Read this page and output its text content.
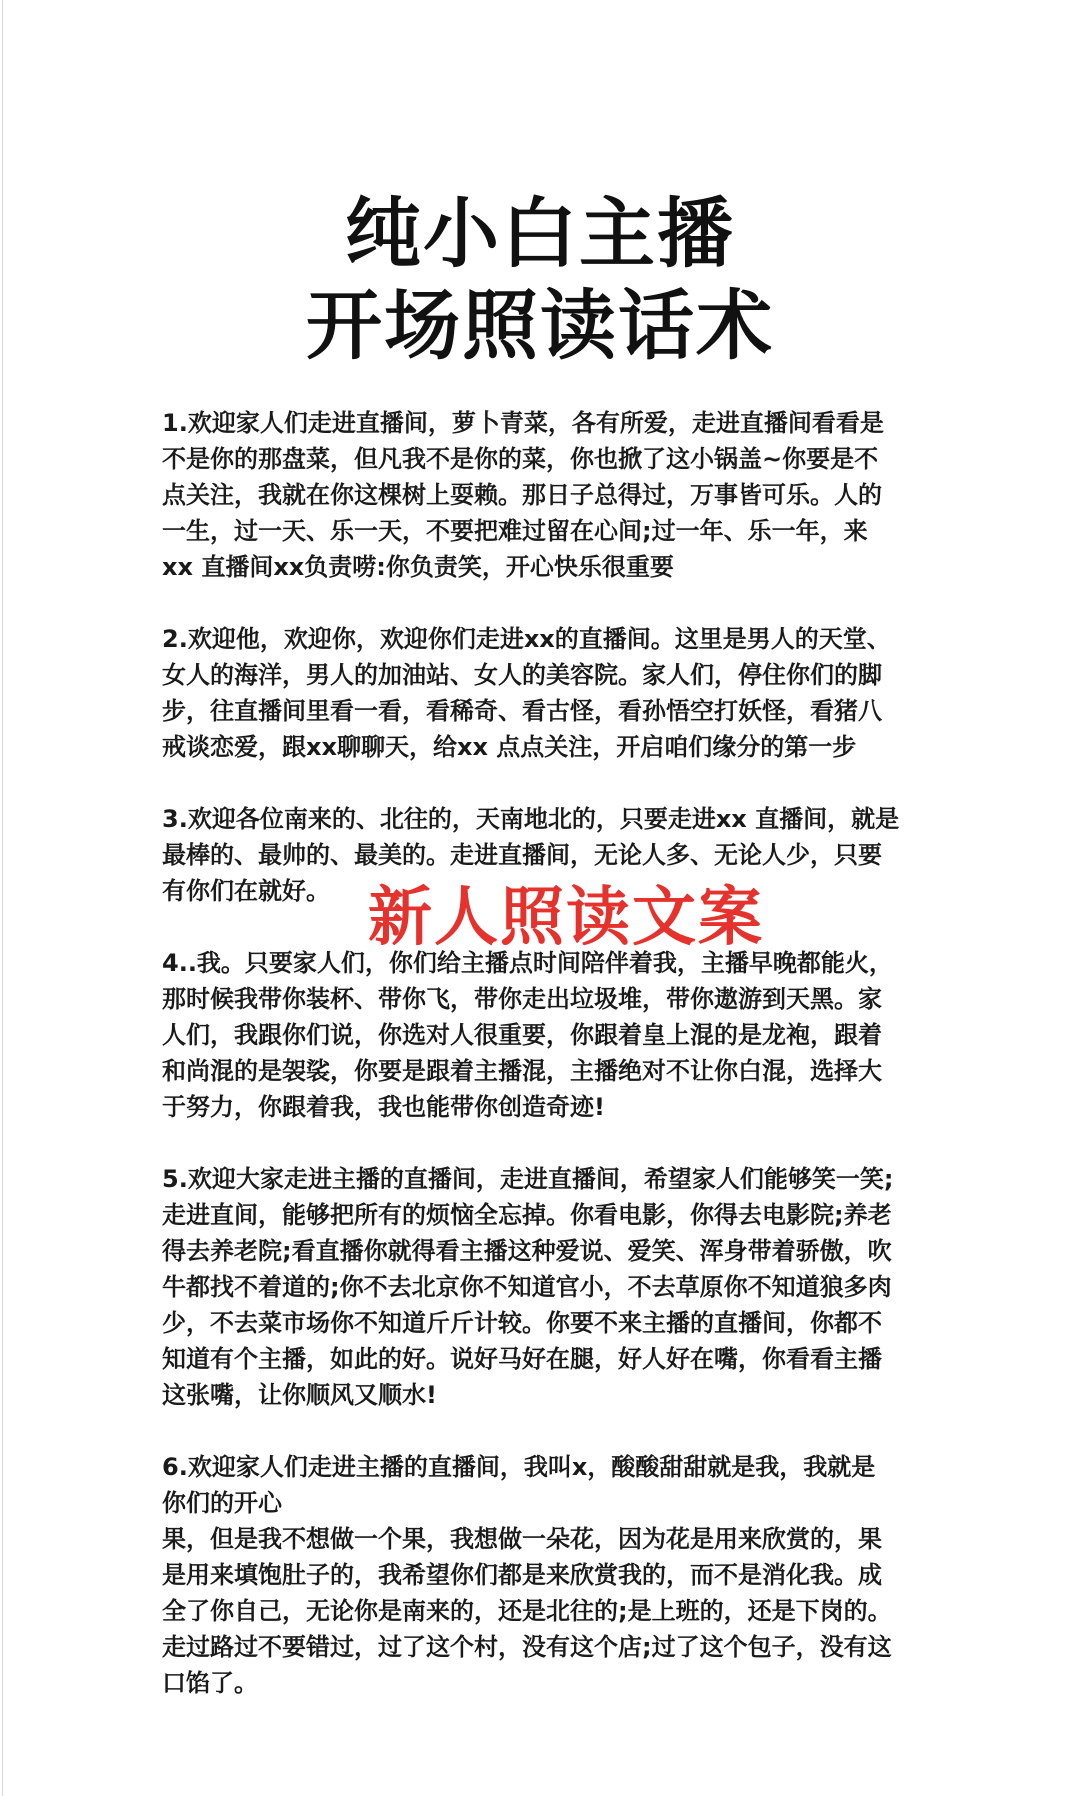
纯小白主播
开场照读话术
1.欢迎家人们走进直播间，萝卜青菜，各有所爱，走进直播间看看是
不是你的那盘菜，但凡我不是你的菜，你也掀了这小锅盖~你要是不
点关注，我就在你这棵树上耍赖。那日子总得过，万事皆可乐。人的
一生，过一天、乐一天，不要把难过留在心间;过一年、乐一年，来
xx 直播间xx负责唠:你负责笑，开心快乐很重要
2.欢迎他，欢迎你，欢迎你们走进xx的直播间。这里是男人的天堂、
女人的海洋，男人的加油站、女人的美容院。家人们，停住你们的脚
步，往直播间里看一看，看稀奇、看古怪，看孙悟空打妖怪，看猪八
戒谈恋爱，跟xx聊聊天，给xx 点点关注，开启咱们缘分的第一步
3.欢迎各位南来的、北往的，天南地北的，只要走进xx 直播间，就是
最棒的、最帅的、最美的。走进直播间，无论人多、无论人少，只要
有你们在就好。
4..我。只要家人们，你们给主播点时间陪伴着我，主播早晚都能火，
那时候我带你装杯、带你飞，带你走出垃圾堆，带你遨游到天黑。家
人们，我跟你们说，你选对人很重要，你跟着皇上混的是龙袍，跟着
和尚混的是袈裟，你要是跟着主播混，主播绝对不让你白混，选择大
于努力，你跟着我，我也能带你创造奇迹!
5.欢迎大家走进主播的直播间，走进直播间，希望家人们能够笑一笑;
走进直间，能够把所有的烦恼全忘掉。你看电影，你得去电影院;养老
得去养老院;看直播你就得看主播这种爱说、爱笑、浑身带着骄傲，吹
牛都找不着道的;你不去北京你不知道官小，不去草原你不知道狼多肉
少，不去菜市场你不知道斤斤计较。你要不来主播的直播间，你都不
知道有个主播，如此的好。说好马好在腿，好人好在嘴，你看看主播
这张嘴，让你顺风又顺水!
6.欢迎家人们走进主播的直播间，我叫x，酸酸甜甜就是我，我就是
你们的开心
果，但是我不想做一个果，我想做一朵花，因为花是用来欣赏的，果
是用来填饱肚子的，我希望你们都是来欣赏我的，而不是消化我。成
全了你自己，无论你是南来的，还是北往的;是上班的，还是下岗的。
走过路过不要错过，过了这个村，没有这个店;过了这个包子，没有这
口馅了。
新人照读文案
